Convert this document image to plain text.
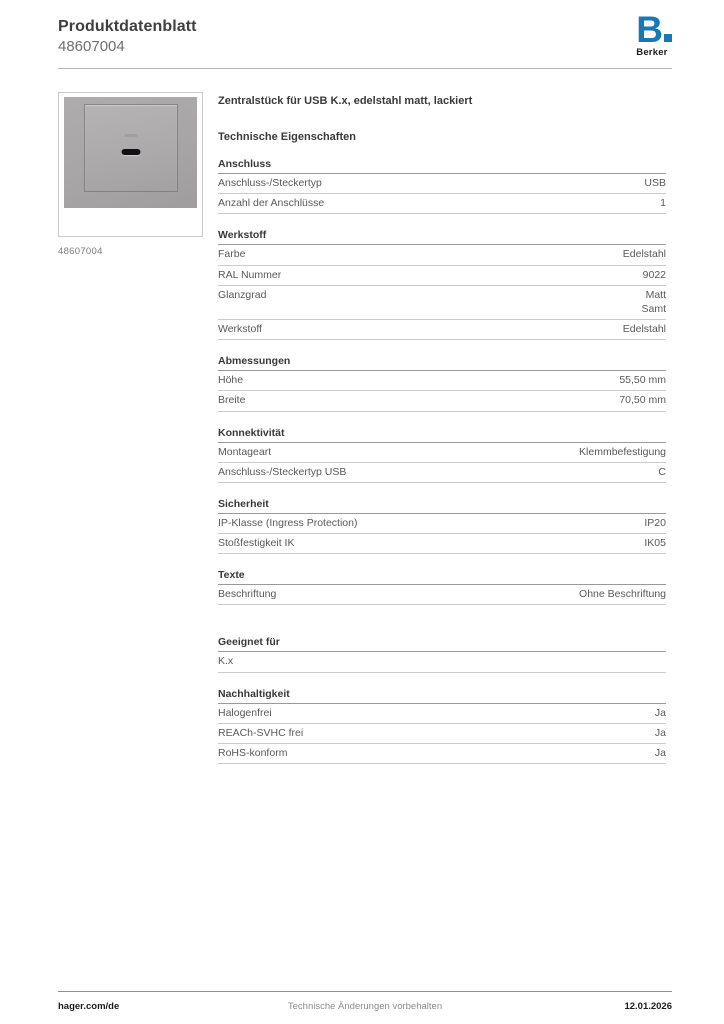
Produktdatenblatt
48607004	B
Berker
48607004
Zentralstück für USB K.x, edelstahl matt, lackiert
Technische Eigenschaften
Anschluss
Anschluss-/Steckertyp	USB
Anzahl der Anschlüsse	1
Werkstoff
Farbe	Edelstahl
RAL Nummer	9022
Glanzgrad	Matt
Samt
Werkstoff	Edelstahl
Abmessungen
Höhe	55,50 mm
Breite	70,50 mm
Konnektivität
Montageart	Klemmbefestigung
Anschluss-/Steckertyp USB	C
Sicherheit
IP-Klasse (Ingress Protection)	IP20
Stoßfestigkeit IK	IK05
Texte
Beschriftung	Ohne Beschriftung
Geeignet für
K.x
Nachhaltigkeit
Halogenfrei	Ja
REACh-SVHC frei	Ja
RoHS-konform	Ja
hager.com/de	Technische Änderungen vorbehalten	12.01.2026
